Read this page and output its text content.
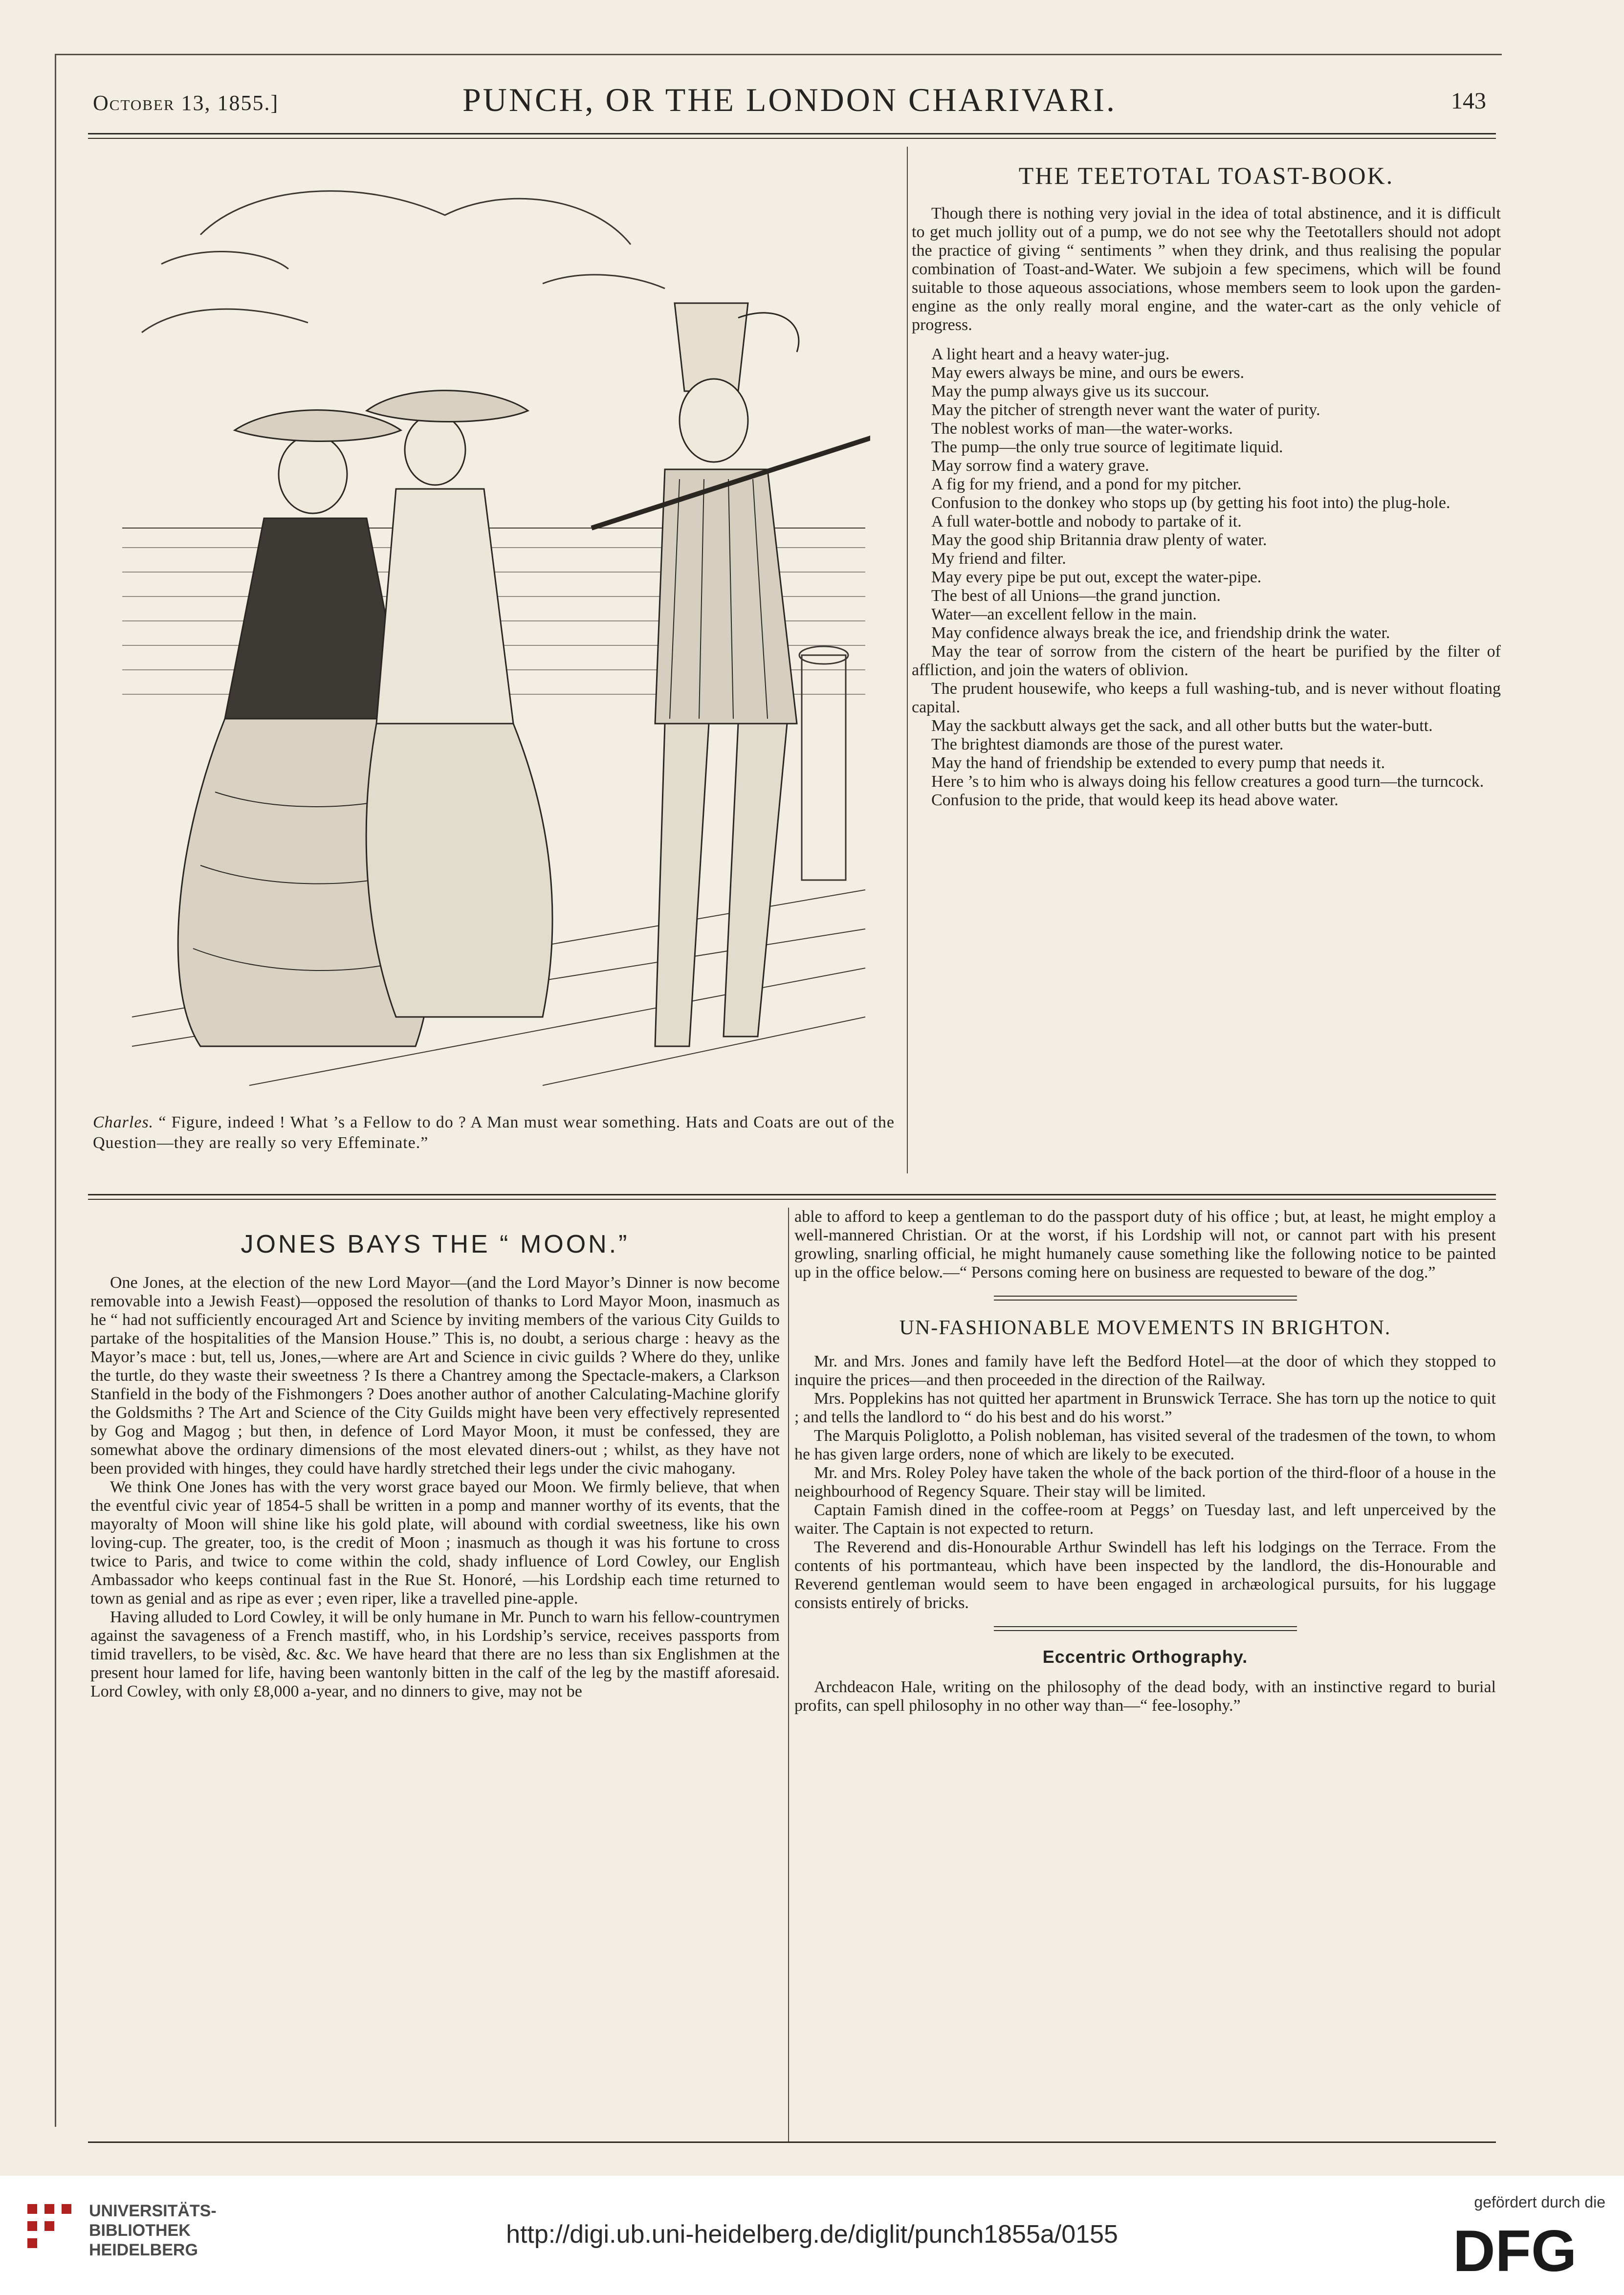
October 13, 1855.]	PUNCH, OR THE LONDON CHARIVARI.	143
Charles. “ Figure, indeed ! What ’s a Fellow to do ? A Man must wear something. Hats and Coats are out of the Question—they are really so very Effeminate.”
THE TEETOTAL TOAST-BOOK.

Though there is nothing very jovial in the idea of total abstinence, and it is difficult to get much jollity out of a pump, we do not see why the Teetotallers should not adopt the practice of giving “ sentiments ” when they drink, and thus realising the popular combination of Toast-and-Water. We subjoin a few specimens, which will be found suitable to those aqueous associations, whose members seem to look upon the garden-engine as the only really moral engine, and the water-cart as the only vehicle of progress.

A light heart and a heavy water-jug.

May ewers always be mine, and ours be ewers.

May the pump always give us its succour.

May the pitcher of strength never want the water of purity.

The noblest works of man—the water-works.

The pump—the only true source of legitimate liquid.

May sorrow find a watery grave.

A fig for my friend, and a pond for my pitcher.

Confusion to the donkey who stops up (by getting his foot into) the plug-hole.

A full water-bottle and nobody to partake of it.

May the good ship Britannia draw plenty of water.

My friend and filter.

May every pipe be put out, except the water-pipe.

The best of all Unions—the grand junction.

Water—an excellent fellow in the main.

May confidence always break the ice, and friendship drink the water.

May the tear of sorrow from the cistern of the heart be purified by the filter of affliction, and join the waters of oblivion.

The prudent housewife, who keeps a full washing-tub, and is never without floating capital.

May the sackbutt always get the sack, and all other butts but the water-butt.

The brightest diamonds are those of the purest water.

May the hand of friendship be extended to every pump that needs it.

Here ’s to him who is always doing his fellow creatures a good turn—the turncock.

Confusion to the pride, that would keep its head above water.

JONES BAYS THE “ MOON.”

One Jones, at the election of the new Lord Mayor—(and the Lord Mayor’s Dinner is now become removable into a Jewish Feast)—opposed the resolution of thanks to Lord Mayor Moon, inasmuch as he “ had not sufficiently encouraged Art and Science by inviting members of the various City Guilds to partake of the hospitalities of the Mansion House.” This is, no doubt, a serious charge : heavy as the Mayor’s mace : but, tell us, Jones,—where are Art and Science in civic guilds ? Where do they, unlike the turtle, do they waste their sweetness ? Is there a Chantrey among the Spectacle-makers, a Clarkson Stanfield in the body of the Fishmongers ? Does another author of another Calculating-Machine glorify the Goldsmiths ? The Art and Science of the City Guilds might have been very effectively represented by Gog and Magog ; but then, in defence of Lord Mayor Moon, it must be confessed, they are somewhat above the ordinary dimensions of the most elevated diners-out ; whilst, as they have not been provided with hinges, they could have hardly stretched their legs under the civic mahogany.

We think One Jones has with the very worst grace bayed our Moon. We firmly believe, that when the eventful civic year of 1854-5 shall be written in a pomp and manner worthy of its events, that the mayoralty of Moon will shine like his gold plate, will abound with cordial sweetness, like his own loving-cup. The greater, too, is the credit of Moon ; inasmuch as though it was his fortune to cross twice to Paris, and twice to come within the cold, shady influence of Lord Cowley, our English Ambassador who keeps continual fast in the Rue St. Honoré, —his Lordship each time returned to town as genial and as ripe as ever ; even riper, like a travelled pine-apple.

Having alluded to Lord Cowley, it will be only humane in Mr. Punch to warn his fellow-countrymen against the savageness of a French mastiff, who, in his Lordship’s service, receives passports from timid travellers, to be visèd, &c. &c. We have heard that there are no less than six Englishmen at the present hour lamed for life, having been wantonly bitten in the calf of the leg by the mastiff aforesaid. Lord Cowley, with only £8,000 a-year, and no dinners to give, may not be

able to afford to keep a gentleman to do the passport duty of his office ; but, at least, he might employ a well-mannered Christian. Or at the worst, if his Lordship will not, or cannot part with his present growling, snarling official, he might humanely cause something like the following notice to be painted up in the office below.—“ Persons coming here on business are requested to beware of the dog.”

UN-FASHIONABLE MOVEMENTS IN BRIGHTON.

Mr. and Mrs. Jones and family have left the Bedford Hotel—at the door of which they stopped to inquire the prices—and then proceeded in the direction of the Railway.

Mrs. Popplekins has not quitted her apartment in Brunswick Terrace. She has torn up the notice to quit ; and tells the landlord to “ do his best and do his worst.”

The Marquis Poliglotto, a Polish nobleman, has visited several of the tradesmen of the town, to whom he has given large orders, none of which are likely to be executed.

Mr. and Mrs. Roley Poley have taken the whole of the back portion of the third-floor of a house in the neighbourhood of Regency Square. Their stay will be limited.

Captain Famish dined in the coffee-room at Peggs’ on Tuesday last, and left unperceived by the waiter. The Captain is not expected to return.

The Reverend and dis-Honourable Arthur Swindell has left his lodgings on the Terrace. From the contents of his portmanteau, which have been inspected by the landlord, the dis-Honourable and Reverend gentleman would seem to have been engaged in archæological pursuits, for his luggage consists entirely of bricks.

Eccentric Orthography.

Archdeacon Hale, writing on the philosophy of the dead body, with an instinctive regard to burial profits, can spell philosophy in no other way than—“ fee-losophy.”

UNIVERSITÄTS-
BIBLIOTHEK
HEIDELBERG
http://digi.ub.uni-heidelberg.de/diglit/punch1855a/0155
gefördert durch die
DFG
